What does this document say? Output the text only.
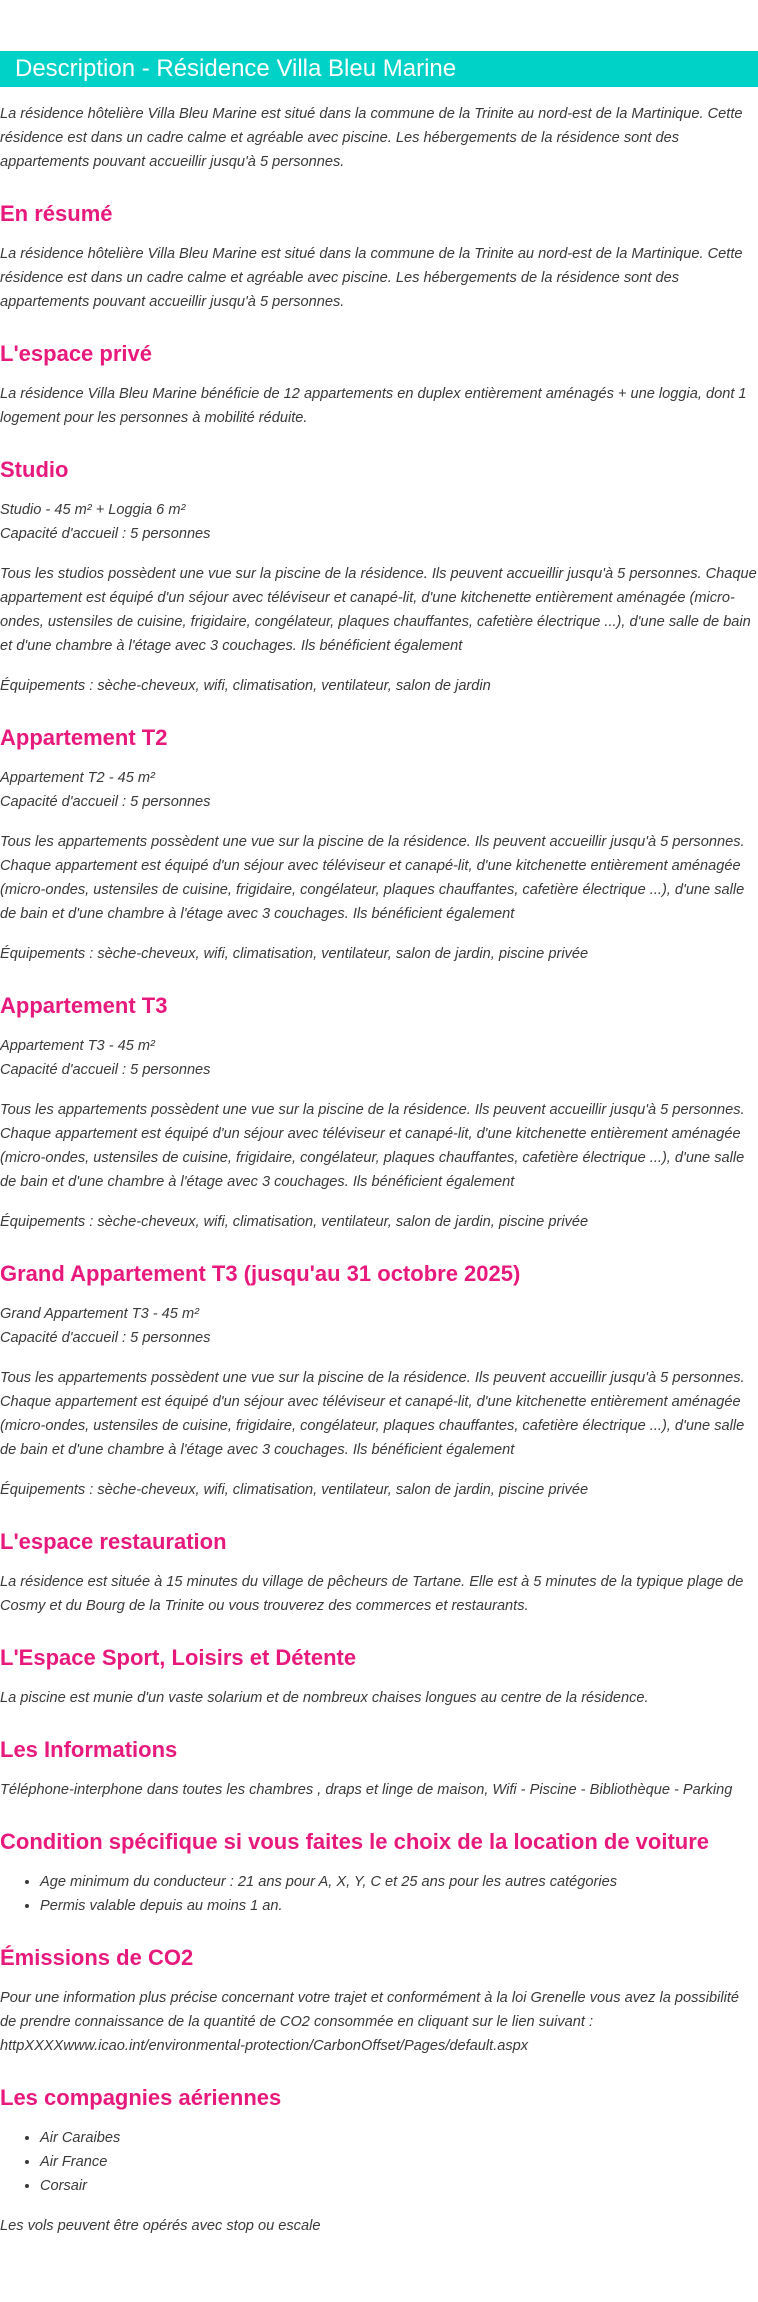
Description - Résidence Villa Bleu Marine

La résidence hôtelière Villa Bleu Marine est situé dans la commune de la Trinite au nord-est de la Martinique. Cette résidence est dans un cadre calme et agréable avec piscine. Les hébergements de la résidence sont des appartements pouvant accueillir jusqu'à 5 personnes.

En résumé

La résidence hôtelière Villa Bleu Marine est situé dans la commune de la Trinite au nord-est de la Martinique. Cette résidence est dans un cadre calme et agréable avec piscine. Les hébergements de la résidence sont des appartements pouvant accueillir jusqu'à 5 personnes.

L'espace privé

La résidence Villa Bleu Marine bénéficie de 12 appartements en duplex entièrement aménagés + une loggia, dont 1 logement pour les personnes à mobilité réduite.

Studio

Studio - 45 m² + Loggia 6 m²
Capacité d'accueil : 5 personnes

Tous les studios possèdent une vue sur la piscine de la résidence. Ils peuvent accueillir jusqu'à 5 personnes. Chaque appartement est équipé d'un séjour avec téléviseur et canapé-lit, d'une kitchenette entièrement aménagée (micro-ondes, ustensiles de cuisine, frigidaire, congélateur, plaques chauffantes, cafetière électrique ...), d'une salle de bain et d'une chambre à l'étage avec 3 couchages. Ils bénéficient également

Équipements : sèche-cheveux, wifi, climatisation, ventilateur, salon de jardin

Appartement T2

Appartement T2 - 45 m²
Capacité d'accueil : 5 personnes

Tous les appartements possèdent une vue sur la piscine de la résidence. Ils peuvent accueillir jusqu'à 5 personnes. Chaque appartement est équipé d'un séjour avec téléviseur et canapé-lit, d'une kitchenette entièrement aménagée (micro-ondes, ustensiles de cuisine, frigidaire, congélateur, plaques chauffantes, cafetière électrique ...), d'une salle de bain et d'une chambre à l'étage avec 3 couchages. Ils bénéficient également

Équipements : sèche-cheveux, wifi, climatisation, ventilateur, salon de jardin, piscine privée

Appartement T3

Appartement T3 - 45 m²
Capacité d'accueil : 5 personnes

Tous les appartements possèdent une vue sur la piscine de la résidence. Ils peuvent accueillir jusqu'à 5 personnes. Chaque appartement est équipé d'un séjour avec téléviseur et canapé-lit, d'une kitchenette entièrement aménagée (micro-ondes, ustensiles de cuisine, frigidaire, congélateur, plaques chauffantes, cafetière électrique ...), d'une salle de bain et d'une chambre à l'étage avec 3 couchages. Ils bénéficient également

Équipements : sèche-cheveux, wifi, climatisation, ventilateur, salon de jardin, piscine privée

Grand Appartement T3 (jusqu'au 31 octobre 2025)

Grand Appartement T3 - 45 m²
Capacité d'accueil : 5 personnes

Tous les appartements possèdent une vue sur la piscine de la résidence. Ils peuvent accueillir jusqu'à 5 personnes. Chaque appartement est équipé d'un séjour avec téléviseur et canapé-lit, d'une kitchenette entièrement aménagée (micro-ondes, ustensiles de cuisine, frigidaire, congélateur, plaques chauffantes, cafetière électrique ...), d'une salle de bain et d'une chambre à l'étage avec 3 couchages. Ils bénéficient également

Équipements : sèche-cheveux, wifi, climatisation, ventilateur, salon de jardin, piscine privée

L'espace restauration

La résidence est située à 15 minutes du village de pêcheurs de Tartane. Elle est à 5 minutes de la typique plage de Cosmy et du Bourg de la Trinite ou vous trouverez des commerces et restaurants.

L'Espace Sport, Loisirs et Détente

La piscine est munie d'un vaste solarium et de nombreux chaises longues au centre de la résidence.

Les Informations

Téléphone-interphone dans toutes les chambres , draps et linge de maison, Wifi - Piscine - Bibliothèque - Parking

Condition spécifique si vous faites le choix de la location de voiture
• Age minimum du conducteur : 21 ans pour A, X, Y, C et 25 ans pour les autres catégories
• Permis valable depuis au moins 1 an.
Émissions de CO2

Pour une information plus précise concernant votre trajet et conformément à la loi Grenelle vous avez la possibilité de prendre connaissance de la quantité de CO2 consommée en cliquant sur le lien suivant : httpXXXXwww.icao.int/environmental-protection/CarbonOffset/Pages/default.aspx

Les compagnies aériennes
• Air Caraibes
• Air France
• Corsair

Les vols peuvent être opérés avec stop ou escale
